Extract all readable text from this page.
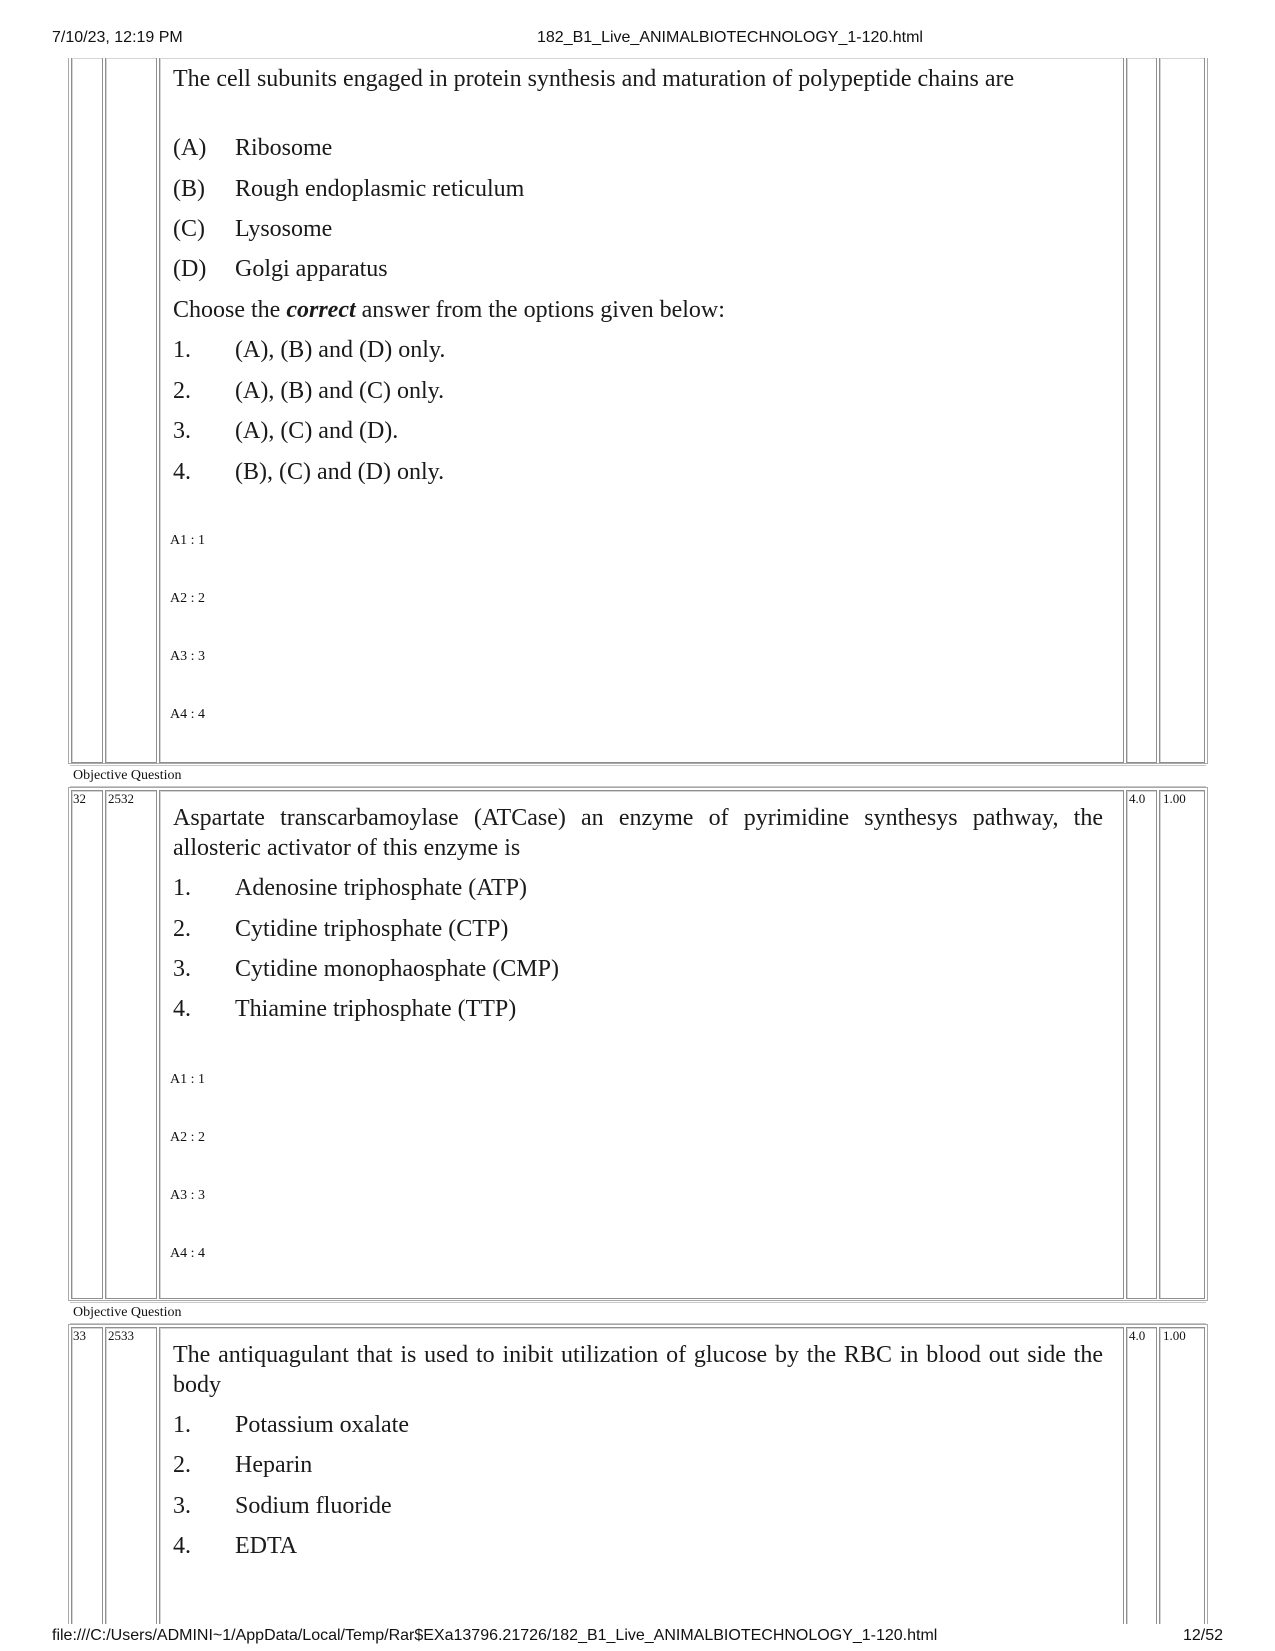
7/10/23, 12:19 PM	182_B1_Live_ANIMALBIOTECHNOLOGY_1-120.html
The cell subunits engaged in protein synthesis and maturation of polypeptide chains are
(A) Ribosome
(B) Rough endoplasmic reticulum
(C) Lysosome
(D) Golgi apparatus
Choose the correct answer from the options given below:
1. (A), (B) and (D) only.
2. (A), (B) and (C) only.
3. (A), (C) and (D).
4. (B), (C) and (D) only.
A1 : 1
A2 : 2
A3 : 3
A4 : 4
Objective Question
32 2532	4.0 1.00
Aspartate transcarbamoylase (ATCase) an enzyme of pyrimidine synthesys pathway, the allosteric activator of this enzyme is
1. Adenosine triphosphate (ATP)
2. Cytidine triphosphate (CTP)
3. Cytidine monophaosphate (CMP)
4. Thiamine triphosphate (TTP)
A1 : 1
A2 : 2
A3 : 3
A4 : 4
Objective Question
33 2533	4.0 1.00
The antiquagulant that is used to inibit utilization of glucose by the RBC in blood out side the body
1. Potassium oxalate
2. Heparin
3. Sodium fluoride
4. EDTA
file:///C:/Users/ADMINI~1/AppData/Local/Temp/Rar$EXa13796.21726/182_B1_Live_ANIMALBIOTECHNOLOGY_1-120.html	12/52
